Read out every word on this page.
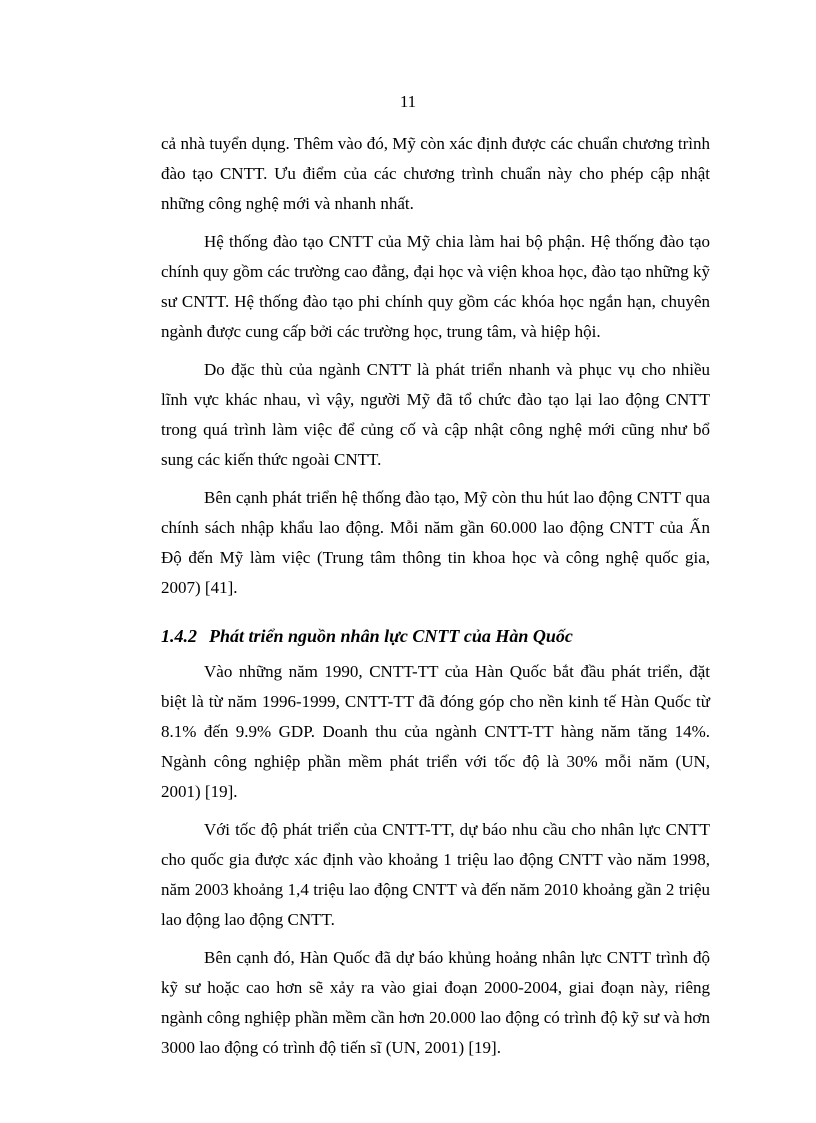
11

cả nhà tuyển dụng. Thêm vào đó, Mỹ còn xác định được các chuẩn chương trình đào tạo CNTT. Ưu điểm của các chương trình chuẩn này cho phép cập nhật những công nghệ mới và nhanh nhất.

Hệ thống đào tạo CNTT của Mỹ chia làm hai bộ phận. Hệ thống đào tạo chính quy gồm các trường cao đẳng, đại học và viện khoa học, đào tạo những kỹ sư CNTT. Hệ thống đào tạo phi chính quy gồm các khóa học ngắn hạn, chuyên ngành được cung cấp bởi các trường học, trung tâm, và hiệp hội.

Do đặc thù của ngành CNTT là phát triển nhanh và phục vụ cho nhiều lĩnh vực khác nhau, vì vậy, người Mỹ đã tổ chức đào tạo lại lao động CNTT trong quá trình làm việc để củng cố và cập nhật công nghệ mới cũng như bổ sung các kiến thức ngoài CNTT.

Bên cạnh phát triển hệ thống đào tạo, Mỹ còn thu hút lao động CNTT qua chính sách nhập khẩu lao động. Mỗi năm gần 60.000 lao động CNTT của Ấn Độ đến Mỹ làm việc (Trung tâm thông tin khoa học và công nghệ quốc gia, 2007) [41].

1.4.2 Phát triển nguồn nhân lực CNTT của Hàn Quốc

Vào những năm 1990, CNTT-TT của Hàn Quốc bắt đầu phát triển, đặt biệt là từ năm 1996-1999, CNTT-TT đã đóng góp cho nền kinh tế Hàn Quốc từ 8.1% đến 9.9% GDP. Doanh thu của ngành CNTT-TT hàng năm tăng 14%. Ngành công nghiệp phần mềm phát triển với tốc độ là 30% mỗi năm (UN, 2001) [19].

Với tốc độ phát triển của CNTT-TT, dự báo nhu cầu cho nhân lực CNTT cho quốc gia được xác định vào khoảng 1 triệu lao động CNTT vào năm 1998, năm 2003 khoảng 1,4 triệu lao động CNTT và đến năm 2010 khoảng gần 2 triệu lao động lao động CNTT.

Bên cạnh đó, Hàn Quốc đã dự báo khủng hoảng nhân lực CNTT trình độ kỹ sư hoặc cao hơn sẽ xảy ra vào giai đoạn 2000-2004, giai đoạn này, riêng ngành công nghiệp phần mềm cần hơn 20.000 lao động có trình độ kỹ sư và hơn 3000 lao động có trình độ tiến sĩ (UN, 2001) [19].
